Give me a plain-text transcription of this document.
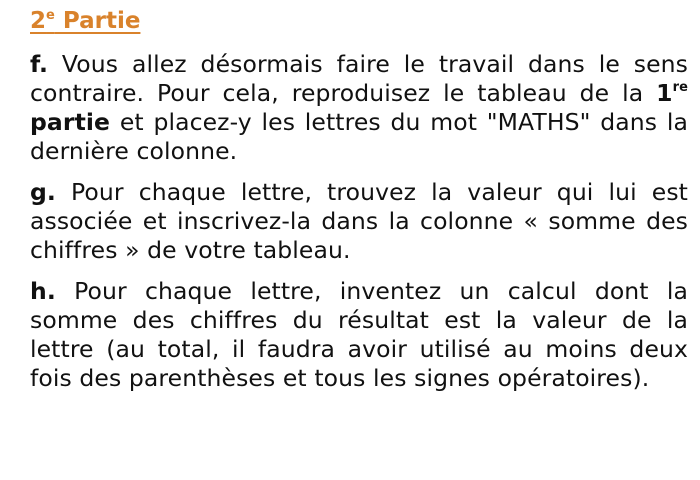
2e Partie

f. Vous allez désormais faire le travail dans le sens contraire. Pour cela, reproduisez le tableau de la 1re partie et placez-y les lettres du mot "MATHS" dans la dernière colonne.

g. Pour chaque lettre, trouvez la valeur qui lui est associée et inscrivez-la dans la colonne « somme des chiffres » de votre tableau.

h. Pour chaque lettre, inventez un calcul dont la somme des chiffres du résultat est la valeur de la lettre (au total, il faudra avoir utilisé au moins deux fois des parenthèses et tous les signes opératoires).
